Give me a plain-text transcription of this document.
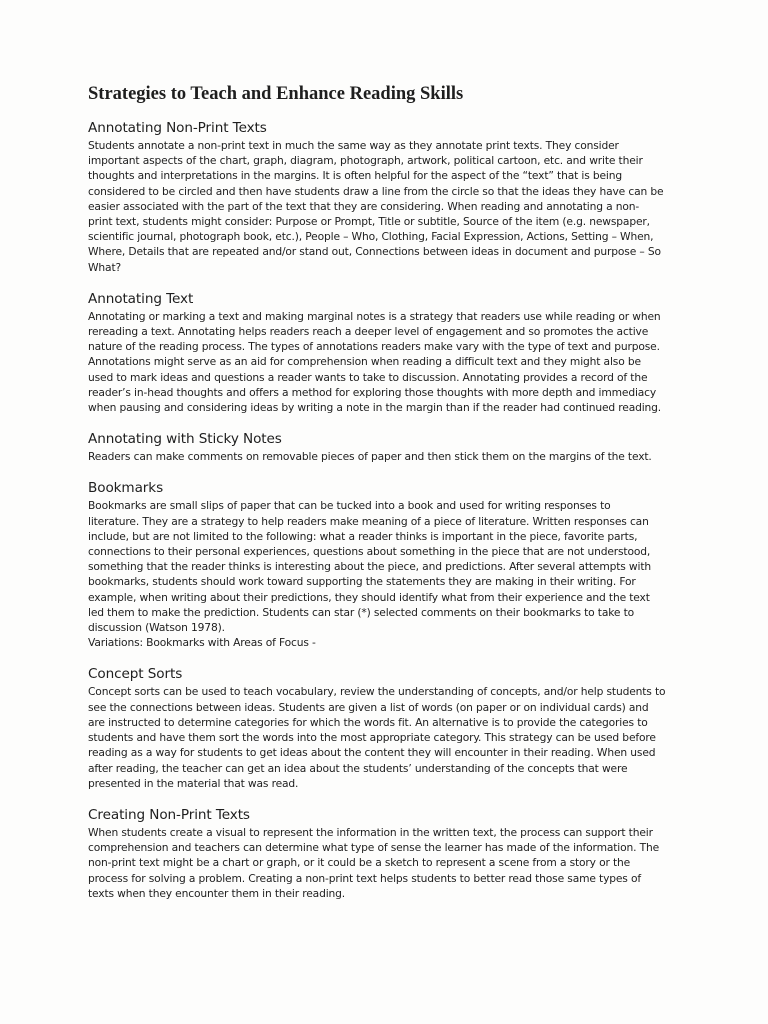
Strategies to Teach and Enhance Reading Skills
Annotating Non-Print Texts
Students annotate a non-print text in much the same way as they annotate print texts. They consider
important aspects of the chart, graph, diagram, photograph, artwork, political cartoon, etc. and write their
thoughts and interpretations in the margins. It is often helpful for the aspect of the “text” that is being
considered to be circled and then have students draw a line from the circle so that the ideas they have can be
easier associated with the part of the text that they are considering. When reading and annotating a non-
print text, students might consider: Purpose or Prompt, Title or subtitle, Source of the item (e.g. newspaper,
scientific journal, photograph book, etc.), People – Who, Clothing, Facial Expression, Actions, Setting – When,
Where, Details that are repeated and/or stand out, Connections between ideas in document and purpose – So
What?
Annotating Text
Annotating or marking a text and making marginal notes is a strategy that readers use while reading or when
rereading a text. Annotating helps readers reach a deeper level of engagement and so promotes the active
nature of the reading process. The types of annotations readers make vary with the type of text and purpose.
Annotations might serve as an aid for comprehension when reading a difficult text and they might also be
used to mark ideas and questions a reader wants to take to discussion. Annotating provides a record of the
reader’s in-head thoughts and offers a method for exploring those thoughts with more depth and immediacy
when pausing and considering ideas by writing a note in the margin than if the reader had continued reading.
Annotating with Sticky Notes
Readers can make comments on removable pieces of paper and then stick them on the margins of the text.
Bookmarks
Bookmarks are small slips of paper that can be tucked into a book and used for writing responses to
literature. They are a strategy to help readers make meaning of a piece of literature. Written responses can
include, but are not limited to the following: what a reader thinks is important in the piece, favorite parts,
connections to their personal experiences, questions about something in the piece that are not understood,
something that the reader thinks is interesting about the piece, and predictions. After several attempts with
bookmarks, students should work toward supporting the statements they are making in their writing. For
example, when writing about their predictions, they should identify what from their experience and the text
led them to make the prediction. Students can star (*) selected comments on their bookmarks to take to
discussion (Watson 1978).
Variations: Bookmarks with Areas of Focus -
Concept Sorts
Concept sorts can be used to teach vocabulary, review the understanding of concepts, and/or help students to
see the connections between ideas. Students are given a list of words (on paper or on individual cards) and
are instructed to determine categories for which the words fit. An alternative is to provide the categories to
students and have them sort the words into the most appropriate category. This strategy can be used before
reading as a way for students to get ideas about the content they will encounter in their reading. When used
after reading, the teacher can get an idea about the students’ understanding of the concepts that were
presented in the material that was read.
Creating Non-Print Texts
When students create a visual to represent the information in the written text, the process can support their
comprehension and teachers can determine what type of sense the learner has made of the information. The
non-print text might be a chart or graph, or it could be a sketch to represent a scene from a story or the
process for solving a problem. Creating a non-print text helps students to better read those same types of
texts when they encounter them in their reading.
